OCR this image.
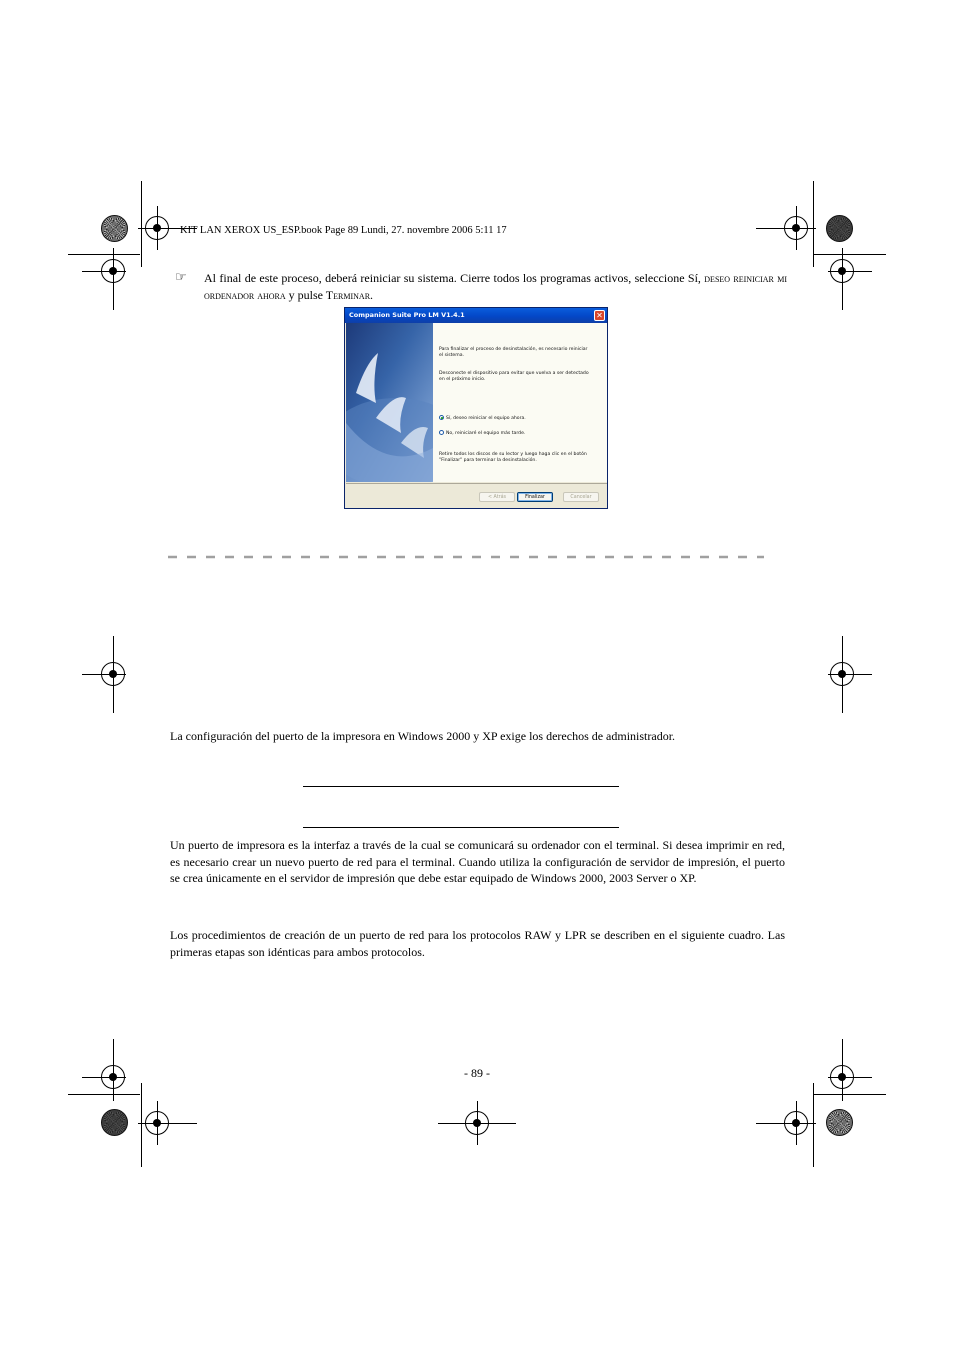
KIT LAN XEROX US_ESP.book Page 89 Lundi, 27. novembre 2006 5:11 17
☞ Al final de este proceso, deberá reiniciar su sistema. Cierre todos los programas activos, seleccione Sí, deseo reiniciar mi ordenador ahora y pulse Terminar.
Companion Suite Pro LM V1.4.1	✕
Para finalizar el proceso de desinstalación, es necesario reiniciar el sistema.
Desconecte el dispositivo para evitar que vuelva a ser detectado en el próximo inicio.
Sí, deseo reiniciar el equipo ahora.
No, reiniciaré el equipo más tarde.
Retire todos los discos de su lector y luego haga clic en el botón "Finalizar" para terminar la desinstalación.
< Atrás	Finalizar	Cancelar
La configuración del puerto de la impresora en Windows 2000 y XP exige los derechos de administrador.
Un puerto de impresora es la interfaz a través de la cual se comunicará su ordenador con el terminal. Si desea imprimir en red, es necesario crear un nuevo puerto de red para el terminal. Cuando utiliza la configuración de servidor de impresión, el puerto se crea únicamente en el servidor de impresión que debe estar equipado de Windows 2000, 2003 Server o XP.
Los procedimientos de creación de un puerto de red para los protocolos RAW y LPR se describen en el siguiente cuadro. Las primeras etapas son idénticas para ambos protocolos.
- 89 -
